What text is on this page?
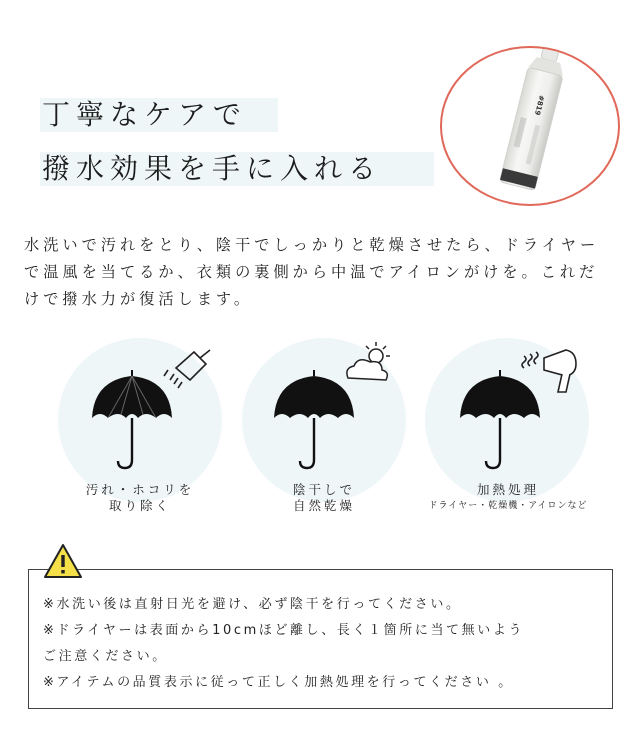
丁寧なケアで
撥水効果を手に入れる
#819
水洗いで汚れをとり、陰干でしっかりと乾燥させたら、ドライヤーで温風を当てるか、衣類の裏側から中温でアイロンがけを。これだけで撥水力が復活します。
汚れ・ホコリを
取り除く
陰干しで
自然乾燥
加熱処理
ドライヤー・乾燥機・アイロンなど
※水洗い後は直射日光を避け、必ず陰干を行ってください。
※ドライヤーは表面から10cmほど離し、長く１箇所に当て無いよう
ご注意ください。
※アイテムの品質表示に従って正しく加熱処理を行ってください 。
